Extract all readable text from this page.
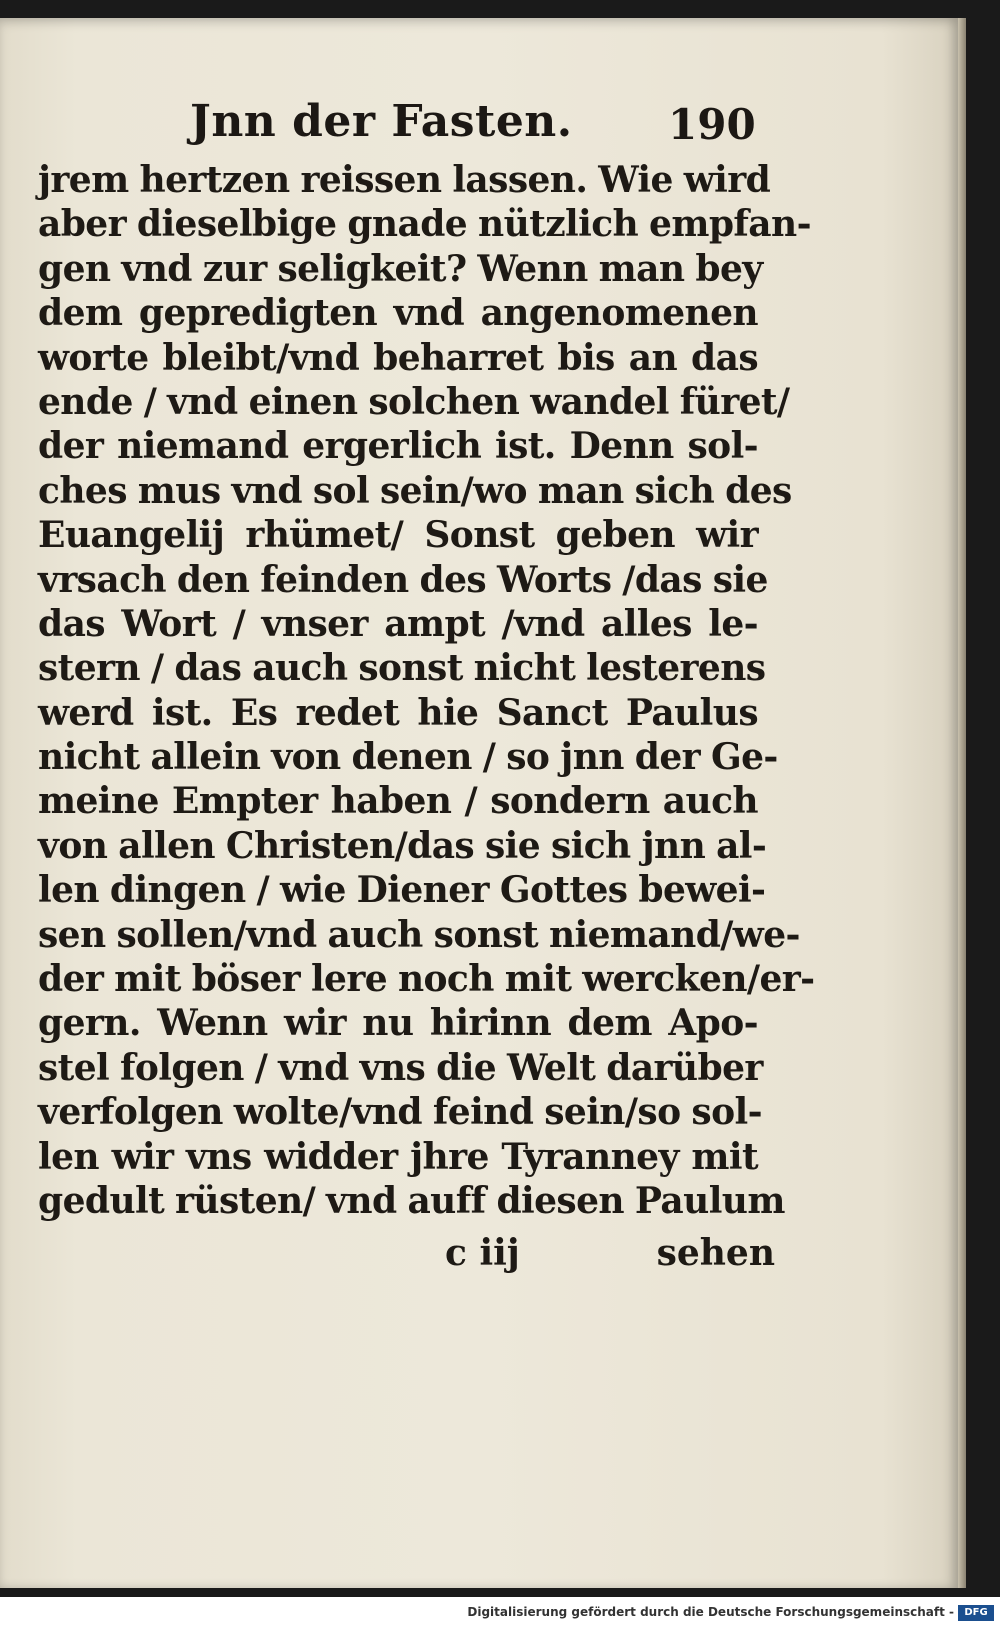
Jnn der Fasten. 190
jrem hertzen reissen lassen. Wie wird
aber dieselbige gnade nützlich empfan-
gen vnd zur seligkeit? Wenn man bey
dem gepredigten vnd angenomenen
worte bleibt/vnd beharret bis an das
ende / vnd einen solchen wandel füret/
der niemand ergerlich ist. Denn sol-
ches mus vnd sol sein/wo man sich des
Euangelij rhümet/ Sonst geben wir
vrsach den feinden des Worts /das sie
das Wort / vnser ampt /vnd alles le-
stern / das auch sonst nicht lesterens
werd ist. Es redet hie Sanct Paulus
nicht allein von denen / so jnn der Ge-
meine Empter haben / sondern auch
von allen Christen/das sie sich jnn al-
len dingen / wie Diener Gottes bewei-
sen sollen/vnd auch sonst niemand/we-
der mit böser lere noch mit wercken/er-
gern. Wenn wir nu hirinn dem Apo-
stel folgen / vnd vns die Welt darüber
verfolgen wolte/vnd feind sein/so sol-
len wir vns widder jhre Tyranney mit
gedult rüsten/ vnd auff diesen Paulum
c iij	sehen
Digitalisierung gefördert durch die Deutsche Forschungsgemeinschaft -	DFG
